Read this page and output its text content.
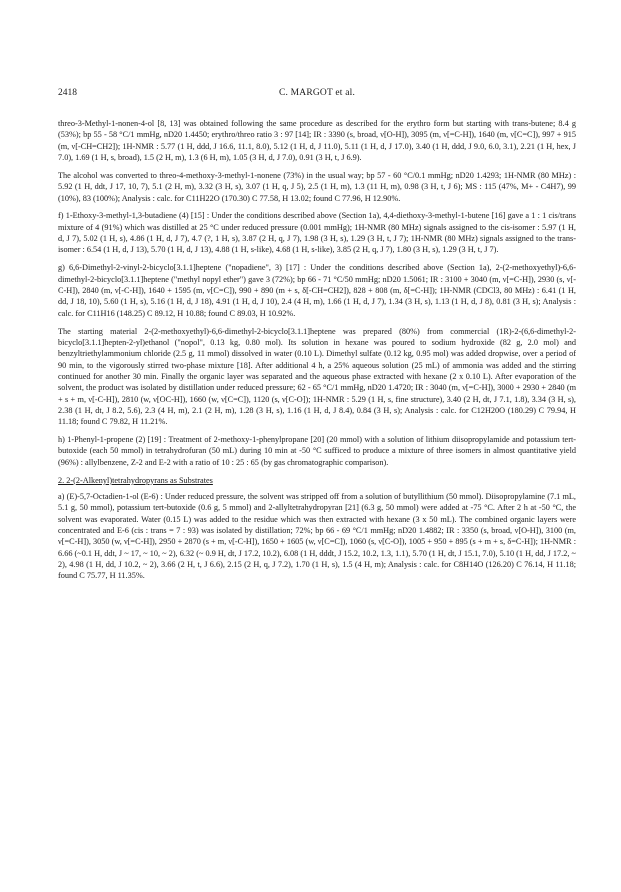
2418	C. MARGOT et al.

threo-3-Methyl-1-nonen-4-ol [8, 13] was obtained following the same procedure as described for the erythro form but starting with trans-butene; 8.4 g (53%); bp 55 - 58 °C/1 mmHg, nD20 1.4450; erythro/threo ratio 3 : 97 [14]; IR : 3390 (s, broad, ν[O-H]), 3095 (m, ν[=C-H]), 1640 (m, ν[C=C]), 997 + 915 (m, ν[-CH=CH2]); 1H-NMR : 5.77 (1 H, ddd, J 16.6, 11.1, 8.0), 5.12 (1 H, d, J 11.0), 5.11 (1 H, d, J 17.0), 3.40 (1 H, ddd, J 9.0, 6.0, 3.1), 2.21 (1 H, hex, J 7.0), 1.69 (1 H, s, broad), 1.5 (2 H, m), 1.3 (6 H, m), 1.05 (3 H, d, J 7.0), 0.91 (3 H, t, J 6.9).

The alcohol was converted to threo-4-methoxy-3-methyl-1-nonene (73%) in the usual way; bp 57 - 60 °C/0.1 mmHg; nD20 1.4293; 1H-NMR (80 MHz) : 5.92 (1 H, ddt, J 17, 10, 7), 5.1 (2 H, m), 3.32 (3 H, s), 3.07 (1 H, q, J 5), 2.5 (1 H, m), 1.3 (11 H, m), 0.98 (3 H, t, J 6); MS : 115 (47%, M+ - C4H7), 99 (10%), 83 (100%); Analysis : calc. for C11H22O (170.30) C 77.58, H 13.02; found C 77.96, H 12.90%.

f) 1-Ethoxy-3-methyl-1,3-butadiene (4) [15] : Under the conditions described above (Section 1a), 4,4-diethoxy-3-methyl-1-butene [16] gave a 1 : 1 cis/trans mixture of 4 (91%) which was distilled at 25 °C under reduced pressure (0.001 mmHg); 1H-NMR (80 MHz) signals assigned to the cis-isomer : 5.97 (1 H, d, J 7), 5.02 (1 H, s), 4.86 (1 H, d, J 7), 4.7 (?, 1 H, s), 3.87 (2 H, q, J 7), 1.98 (3 H, s), 1.29 (3 H, t, J 7); 1H-NMR (80 MHz) signals assigned to the trans-isomer : 6.54 (1 H, d, J 13), 5.70 (1 H, d, J 13), 4.88 (1 H, s-like), 4.68 (1 H, s-like), 3.85 (2 H, q, J 7), 1.80 (3 H, s), 1.29 (3 H, t, J 7).

g) 6,6-Dimethyl-2-vinyl-2-bicyclo[3.1.1]heptene ("nopadiene", 3) [17] : Under the conditions described above (Section 1a), 2-(2-methoxyethyl)-6,6-dimethyl-2-bicyclo[3.1.1]heptene ("methyl nopyl ether") gave 3 (72%); bp 66 - 71 °C/50 mmHg; nD20 1.5061; IR : 3100 + 3040 (m, ν[=C-H]), 2930 (s, ν[-C-H]), 2840 (m, ν[-C-H]), 1640 + 1595 (m, ν[C=C]), 990 + 890 (m + s, δ[-CH=CH2]), 828 + 808 (m, δ[=C-H]); 1H-NMR (CDCl3, 80 MHz) : 6.41 (1 H, dd, J 18, 10), 5.60 (1 H, s), 5.16 (1 H, d, J 18), 4.91 (1 H, d, J 10), 2.4 (4 H, m), 1.66 (1 H, d, J 7), 1.34 (3 H, s), 1.13 (1 H, d, J 8), 0.81 (3 H, s); Analysis : calc. for C11H16 (148.25) C 89.12, H 10.88; found C 89.03, H 10.92%.

The starting material 2-(2-methoxyethyl)-6,6-dimethyl-2-bicyclo[3.1.1]heptene was prepared (80%) from commercial (1R)-2-(6,6-dimethyl-2-bicyclo[3.1.1]hepten-2-yl)ethanol ("nopol", 0.13 kg, 0.80 mol). Its solution in hexane was poured to sodium hydroxide (82 g, 2.0 mol) and benzyltriethylammonium chloride (2.5 g, 11 mmol) dissolved in water (0.10 L). Dimethyl sulfate (0.12 kg, 0.95 mol) was added dropwise, over a period of 90 min, to the vigorously stirred two-phase mixture [18]. After additional 4 h, a 25% aqueous solution (25 mL) of ammonia was added and the stirring continued for another 30 min. Finally the organic layer was separated and the aqueous phase extracted with hexane (2 x 0.10 L). After evaporation of the solvent, the product was isolated by distillation under reduced pressure; 62 - 65 °C/1 mmHg, nD20 1.4720; IR : 3040 (m, ν[=C-H]), 3000 + 2930 + 2840 (m + s + m, ν[-C-H]), 2810 (w, ν[OC-H]), 1660 (w, ν[C=C]), 1120 (s, ν[C-O]); 1H-NMR : 5.29 (1 H, s, fine structure), 3.40 (2 H, dt, J 7.1, 1.8), 3.34 (3 H, s), 2.38 (1 H, dt, J 8.2, 5.6), 2.3 (4 H, m), 2.1 (2 H, m), 1.28 (3 H, s), 1.16 (1 H, d, J 8.4), 0.84 (3 H, s); Analysis : calc. for C12H20O (180.29) C 79.94, H 11.18; found C 79.82, H 11.21%.

h) 1-Phenyl-1-propene (2) [19] : Treatment of 2-methoxy-1-phenylpropane [20] (20 mmol) with a solution of lithium diisopropylamide and potassium tert-butoxide (each 50 mmol) in tetrahydrofuran (50 mL) during 10 min at -50 °C sufficed to produce a mixture of three isomers in almost quantitative yield (96%) : allylbenzene, Z-2 and E-2 with a ratio of 10 : 25 : 65 (by gas chromatographic comparison).

2. 2-(2-Alkenyl)tetrahydropyrans as Substrates

a) (E)-5,7-Octadien-1-ol (E-6) : Under reduced pressure, the solvent was stripped off from a solution of butyllithium (50 mmol). Diisopropylamine (7.1 mL, 5.1 g, 50 mmol), potassium tert-butoxide (0.6 g, 5 mmol) and 2-allyltetrahydropyran [21] (6.3 g, 50 mmol) were added at -75 °C. After 2 h at -50 °C, the solvent was evaporated. Water (0.15 L) was added to the residue which was then extracted with hexane (3 x 50 mL). The combined organic layers were concentrated and E-6 (cis : trans = 7 : 93) was isolated by distillation; 72%; bp 66 - 69 °C/1 mmHg; nD20 1.4882; IR : 3350 (s, broad, ν[O-H]), 3100 (m, ν[=C-H]), 3050 (w, ν[=C-H]), 2950 + 2870 (s + m, ν[-C-H]), 1650 + 1605 (w, ν[C=C]), 1060 (s, ν[C-O]), 1005 + 950 + 895 (s + m + s, δ=C-H]); 1H-NMR : 6.66 (~0.1 H, ddt, J ~ 17, ~ 10, ~ 2), 6.32 (~ 0.9 H, dt, J 17.2, 10.2), 6.08 (1 H, dddt, J 15.2, 10.2, 1.3, 1.1), 5.70 (1 H, dt, J 15.1, 7.0), 5.10 (1 H, dd, J 17.2, ~ 2), 4.98 (1 H, dd, J 10.2, ~ 2), 3.66 (2 H, t, J 6.6), 2.15 (2 H, q, J 7.2), 1.70 (1 H, s), 1.5 (4 H, m); Analysis : calc. for C8H14O (126.20) C 76.14, H 11.18; found C 75.77, H 11.35%.
